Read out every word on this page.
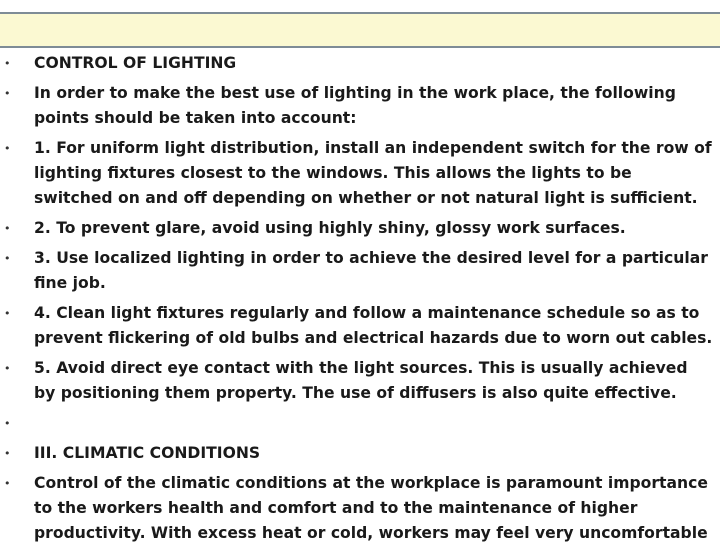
• CONTROL OF LIGHTING
• In order to make the best use of lighting in the work place, the following points should be taken into account:
• 1. For uniform light distribution, install an independent switch for the row of lighting fixtures closest to the windows. This allows the lights to be switched on and off depending on whether or not natural light is sufficient.
• 2. To prevent glare, avoid using highly shiny, glossy work surfaces.
• 3. Use localized lighting in order to achieve the desired level for a particular fine job.
• 4. Clean light fixtures regularly and follow a maintenance schedule so as to prevent flickering of old bulbs and electrical hazards due to worn out cables.
• 5. Avoid direct eye contact with the light sources. This is usually achieved by positioning them property. The use of diffusers is also quite effective.
•

• III. CLIMATIC CONDITIONS
• Control of the climatic conditions at the workplace is paramount importance to the workers health and comfort and to the maintenance of higher productivity. With excess heat or cold, workers may feel very uncomfortable
